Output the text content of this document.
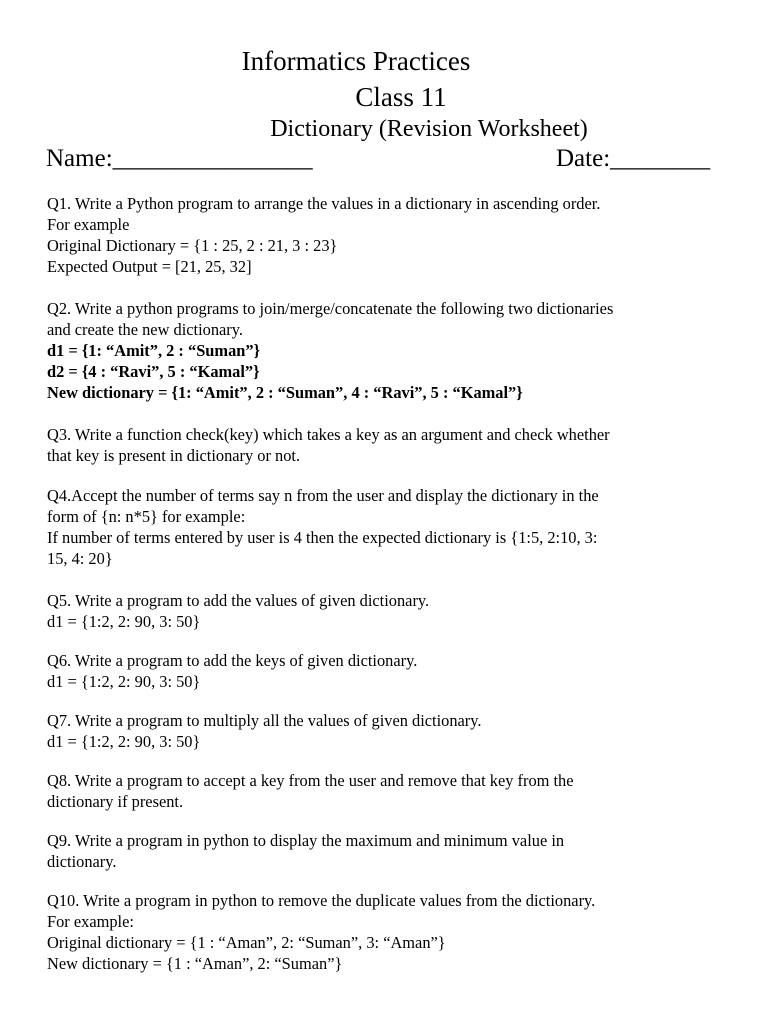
Informatics Practices
Class 11
Dictionary (Revision Worksheet)
Name:________________	Date:________
Q1. Write a Python program to arrange the values in a dictionary in ascending order.
For example
Original Dictionary = {1 : 25, 2 : 21, 3 : 23}
Expected Output = [21, 25, 32]
Q2. Write a python programs to join/merge/concatenate the following two dictionaries
and create the new dictionary.
d1 = {1: “Amit”, 2 : “Suman”}
d2 = {4 : “Ravi”, 5 : “Kamal”}
New dictionary = {1: “Amit”, 2 : “Suman”, 4 : “Ravi”, 5 : “Kamal”}
Q3. Write a function check(key) which takes a key as an argument and check whether
that key is present in dictionary or not.
Q4.Accept the number of terms say n from the user and display the dictionary in the
form of {n: n*5} for example:
If number of terms entered by user is 4 then the expected dictionary is {1:5, 2:10, 3:
15, 4: 20}
Q5. Write a program to add the values of given dictionary.
d1 = {1:2, 2: 90, 3: 50}
Q6. Write a program to add the keys of given dictionary.
d1 = {1:2, 2: 90, 3: 50}
Q7. Write a program to multiply all the values of given dictionary.
d1 = {1:2, 2: 90, 3: 50}
Q8. Write a program to accept a key from the user and remove that key from the
dictionary if present.
Q9. Write a program in python to display the maximum and minimum value in
dictionary.
Q10. Write a program in python to remove the duplicate values from the dictionary.
For example:
Original dictionary = {1 : “Aman”, 2: “Suman”, 3: “Aman”}
New dictionary = {1 : “Aman”, 2: “Suman”}
